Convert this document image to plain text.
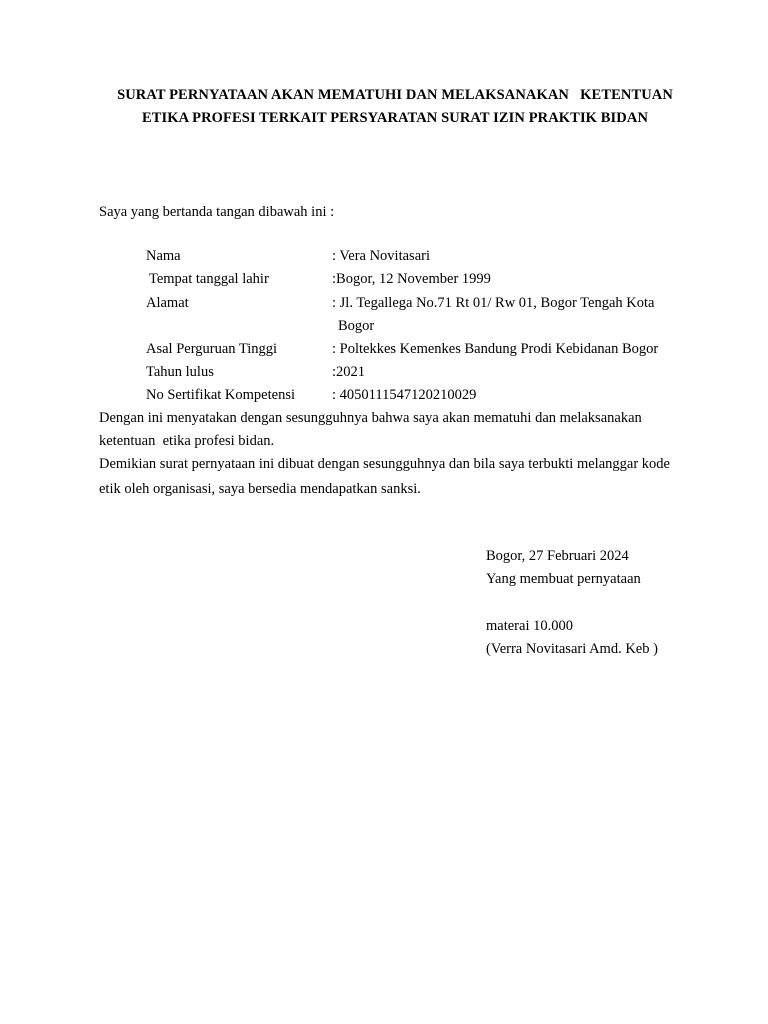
SURAT PERNYATAAN AKAN MEMATUHI DAN MELAKSANAKAN   KETENTUAN
ETIKA PROFESI TERKAIT PERSYARATAN SURAT IZIN PRAKTIK BIDAN
Saya yang bertanda tangan dibawah ini :
Nama	: Vera Novitasari
Tempat tanggal lahir	:Bogor, 12 November 1999
Alamat	: Jl. Tegallega No.71 Rt 01/ Rw 01, Bogor Tengah Kota
Bogor
Asal Perguruan Tinggi	: Poltekkes Kemenkes Bandung Prodi Kebidanan Bogor
Tahun lulus	:2021
No Sertifikat Kompetensi	: 4050111547120210029
Dengan ini menyatakan dengan sesungguhnya bahwa saya akan mematuhi dan melaksanakan
ketentuan  etika profesi bidan.
Demikian surat pernyataan ini dibuat dengan sesungguhnya dan bila saya terbukti melanggar kode
etik oleh organisasi, saya bersedia mendapatkan sanksi.
Bogor, 27 Februari 2024
Yang membuat pernyataan
materai 10.000
(Verra Novitasari Amd. Keb )
